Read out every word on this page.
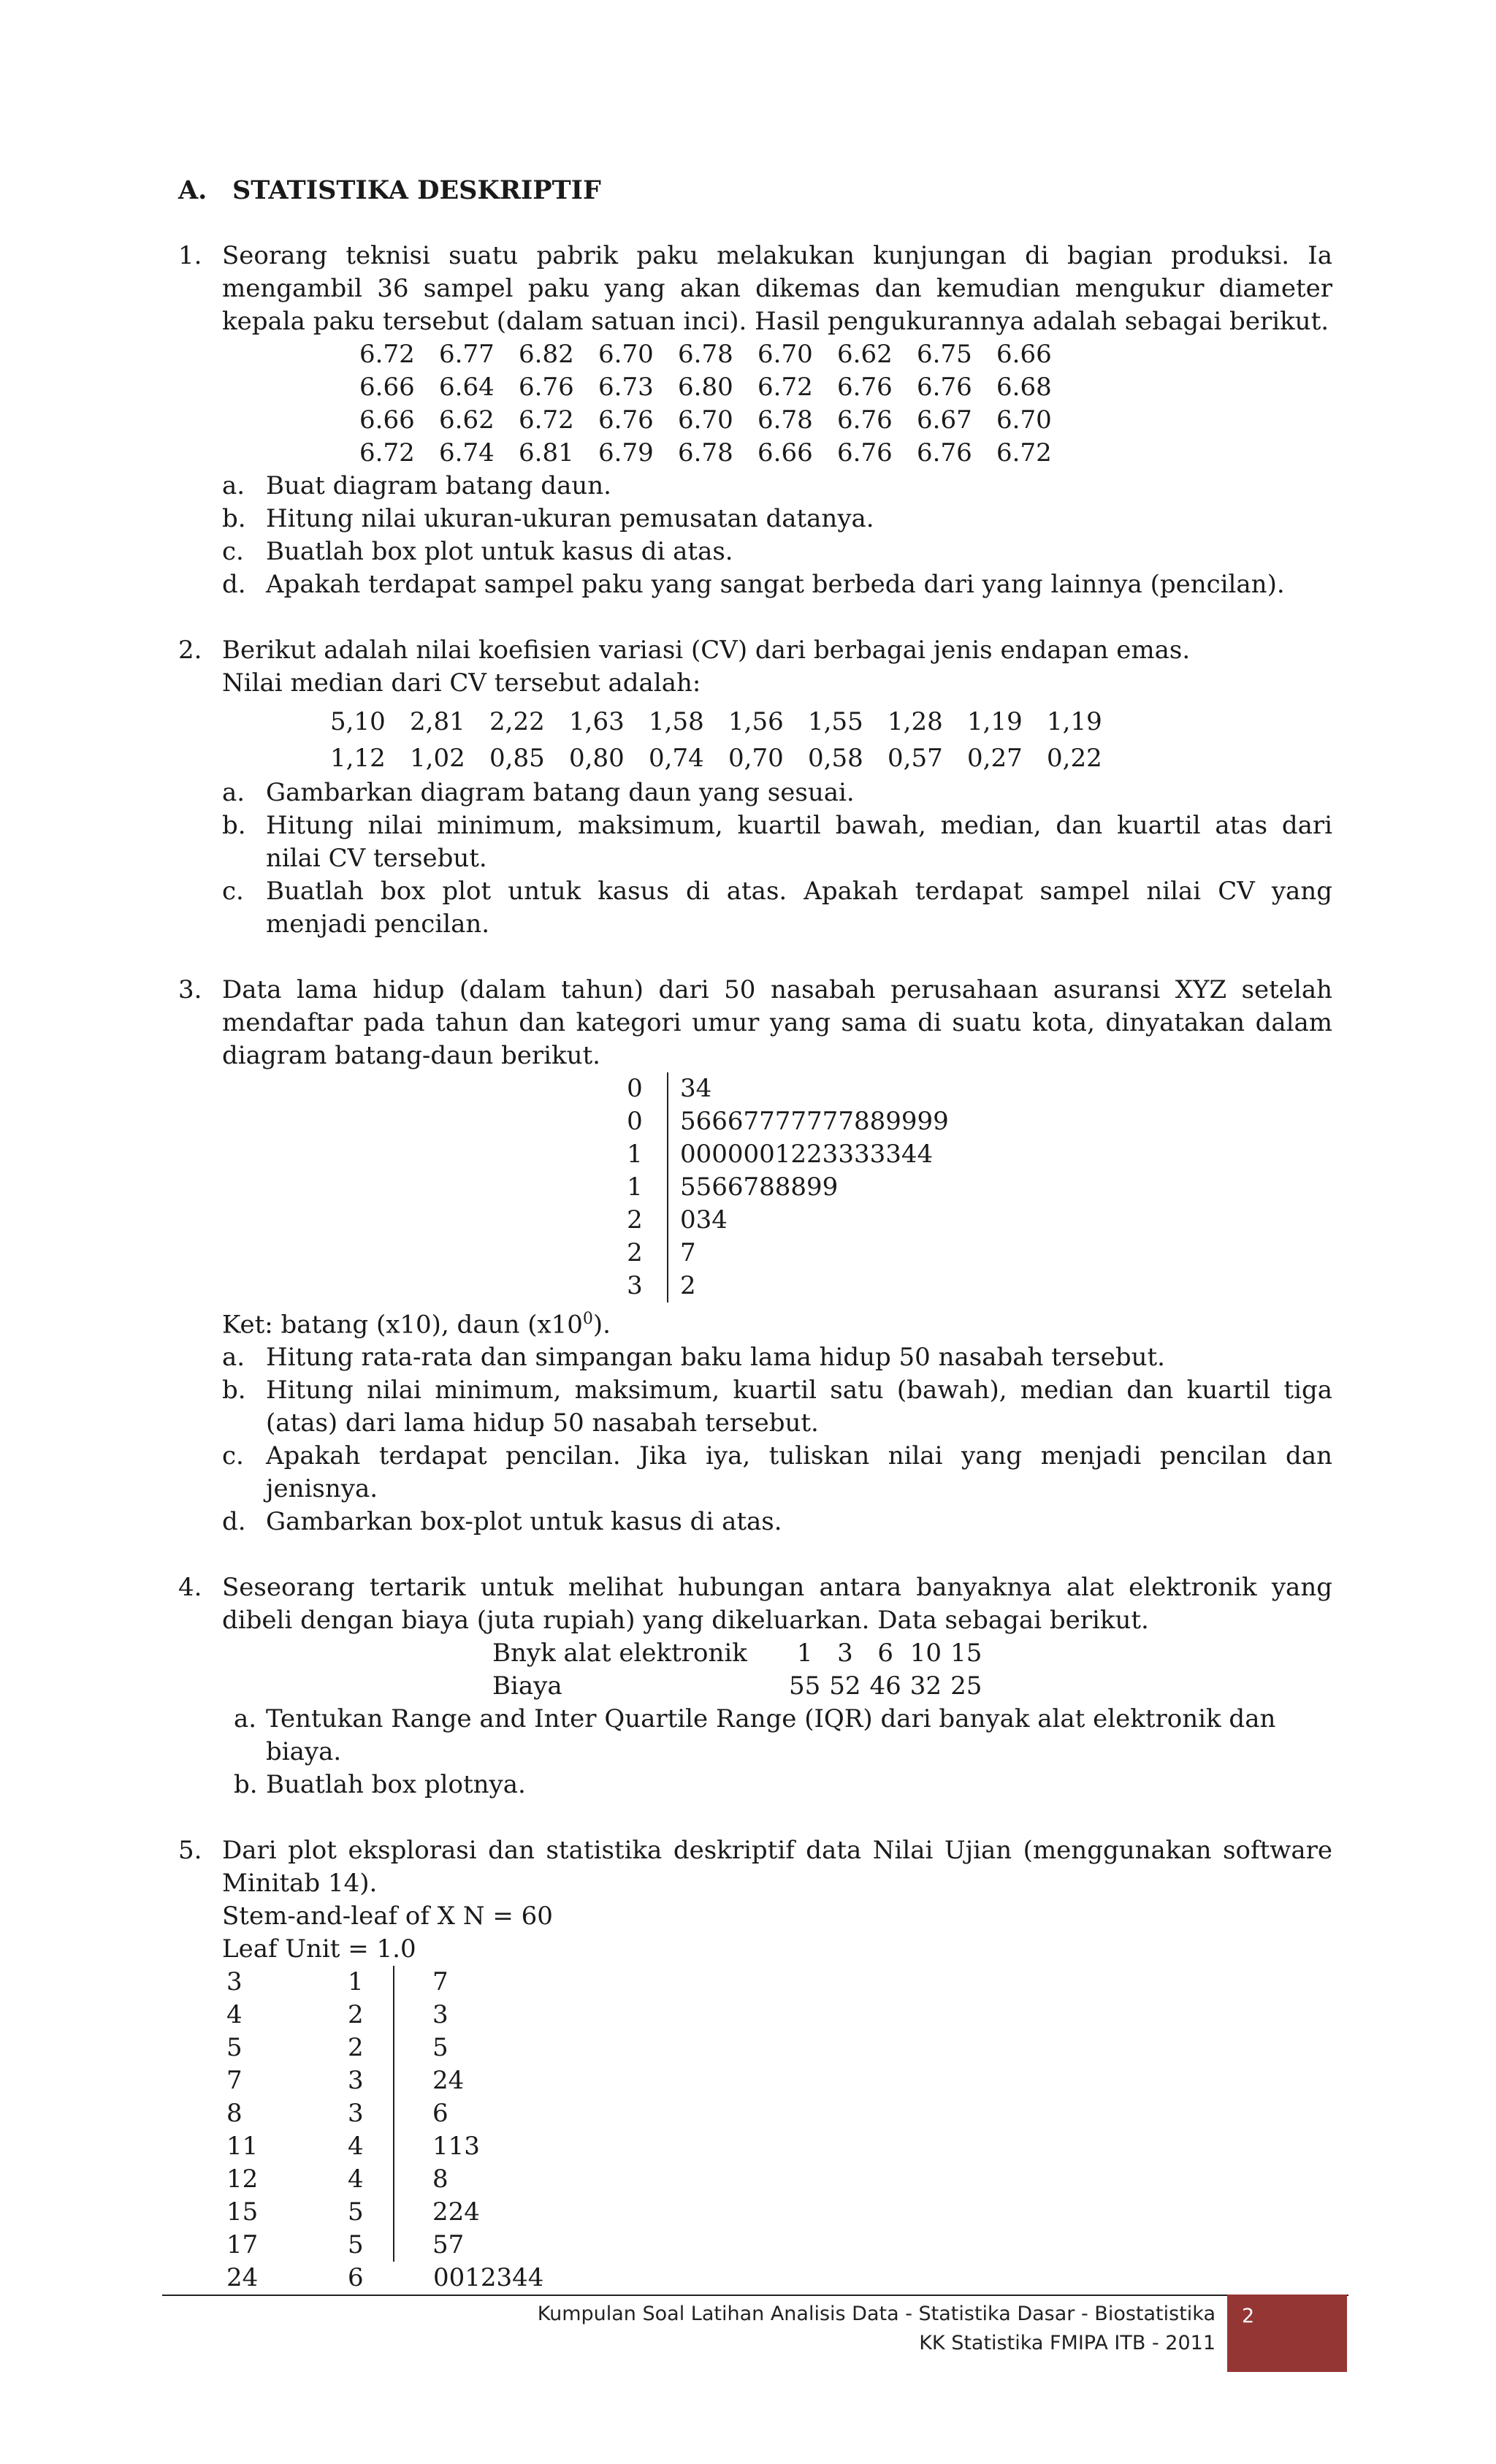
A. STATISTIKA DESKRIPTIF
1. Seorang teknisi suatu pabrik paku melakukan kunjungan di bagian produksi. Ia
mengambil 36 sampel paku yang akan dikemas dan kemudian mengukur diameter
kepala paku tersebut (dalam satuan inci). Hasil pengukurannya adalah sebagai berikut.
6.72	6.77	6.82	6.70	6.78	6.70	6.62	6.75	6.66
6.66	6.64	6.76	6.73	6.80	6.72	6.76	6.76	6.68
6.66	6.62	6.72	6.76	6.70	6.78	6.76	6.67	6.70
6.72	6.74	6.81	6.79	6.78	6.66	6.76	6.76	6.72
a. Buat diagram batang daun.
b. Hitung nilai ukuran-ukuran pemusatan datanya.
c. Buatlah box plot untuk kasus di atas.
d. Apakah terdapat sampel paku yang sangat berbeda dari yang lainnya (pencilan).
2. Berikut adalah nilai koefisien variasi (CV) dari berbagai jenis endapan emas.
Nilai median dari CV tersebut adalah:
5,10	2,81	2,22	1,63	1,58	1,56	1,55	1,28	1,19	1,19
1,12	1,02	0,85	0,80	0,74	0,70	0,58	0,57	0,27	0,22
a. Gambarkan diagram batang daun yang sesuai.
b. Hitung nilai minimum, maksimum, kuartil bawah, median, dan kuartil atas dari
nilai CV tersebut.
c. Buatlah box plot untuk kasus di atas. Apakah terdapat sampel nilai CV yang
menjadi pencilan.
3. Data lama hidup (dalam tahun) dari 50 nasabah perusahaan asuransi XYZ setelah
mendaftar pada tahun dan kategori umur yang sama di suatu kota, dinyatakan dalam
diagram batang-daun berikut.
0	34
0	56667777777889999
1	0000001223333344
1	5566788899
2	034
2	7
3	2
Ket: batang (x10), daun $(x10^0)$.
a. Hitung rata-rata dan simpangan baku lama hidup 50 nasabah tersebut.
b. Hitung nilai minimum, maksimum, kuartil satu (bawah), median dan kuartil tiga
(atas) dari lama hidup 50 nasabah tersebut.
c. Apakah terdapat pencilan. Jika iya, tuliskan nilai yang menjadi pencilan dan
jenisnya.
d. Gambarkan box-plot untuk kasus di atas.
4. Seseorang tertarik untuk melihat hubungan antara banyaknya alat elektronik yang
dibeli dengan biaya (juta rupiah) yang dikeluarkan. Data sebagai berikut.
Bnyk alat elektronik	1	3	6	10	15
Biaya	55	52	46	32	25
a. Tentukan Range and Inter Quartile Range (IQR) dari banyak alat elektronik dan
biaya.
b. Buatlah box plotnya.
5. Dari plot eksplorasi dan statistika deskriptif data Nilai Ujian (menggunakan software
Minitab 14).
Stem-and-leaf of X N = 60
Leaf Unit = 1.0
3	1	7
4	2	3
5	2	5
7	3	24
8	3	6
11	4	113
12	4	8
15	5	224
17	5	57
24	6	0012344
Kumpulan Soal Latihan Analisis Data - Statistika Dasar - Biostatistika
KK Statistika FMIPA ITB - 2011
2
